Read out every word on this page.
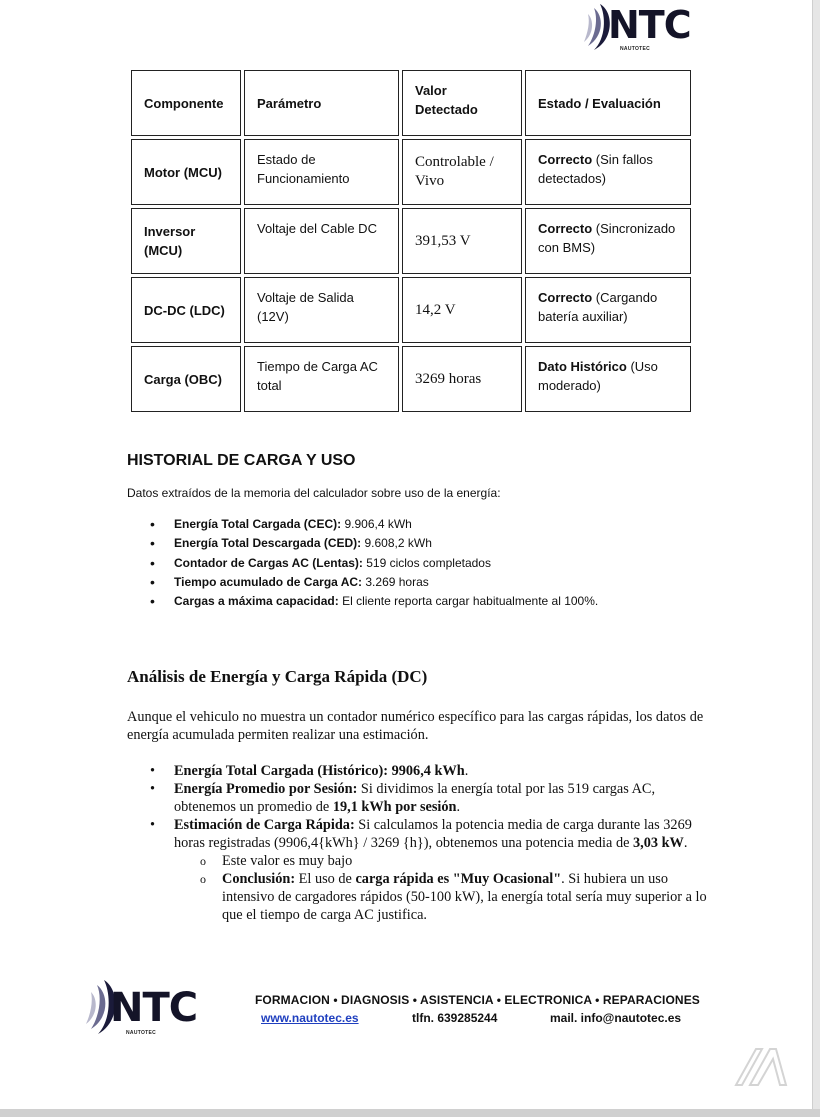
NTC
NAUTOTEC
Componente	Parámetro	Valor Detectado	Estado / Evaluación
Motor (MCU)	Estado de Funcionamiento	Controlable / Vivo	Correcto (Sin fallos detectados)
Inversor (MCU)	Voltaje del Cable DC	391,53 V	Correcto (Sincronizado con BMS)
DC-DC (LDC)	Voltaje de Salida (12V)	14,2 V	Correcto (Cargando batería auxiliar)
Carga (OBC)	Tiempo de Carga AC total	3269 horas	Dato Histórico (Uso moderado)
HISTORIAL DE CARGA Y USO
Datos extraídos de la memoria del calculador sobre uso de la energía:
• Energía Total Cargada (CEC): 9.906,4 kWh
• Energía Total Descargada (CED): 9.608,2 kWh
• Contador de Cargas AC (Lentas): 519 ciclos completados
• Tiempo acumulado de Carga AC: 3.269 horas
• Cargas a máxima capacidad: El cliente reporta cargar habitualmente al 100%.
Análisis de Energía y Carga Rápida (DC)
Aunque el vehiculo no muestra un contador numérico específico para las cargas rápidas, los datos de energía acumulada permiten realizar una estimación.
• Energía Total Cargada (Histórico): 9906,4 kWh.
• Energía Promedio por Sesión: Si dividimos la energía total por las 519 cargas AC, obtenemos un promedio de 19,1 kWh por sesión.
• Estimación de Carga Rápida: Si calculamos la potencia media de carga durante las 3269 horas registradas (9906,4{kWh} / 3269 {h}), obtenemos una potencia media de 3,03 kW.
o Este valor es muy bajo
o Conclusión: El uso de carga rápida es "Muy Ocasional". Si hubiera un uso intensivo de cargadores rápidos (50-100 kW), la energía total sería muy superior a lo que el tiempo de carga AC justifica.
NTC
NAUTOTEC
FORMACION • DIAGNOSIS • ASISTENCIA • ELECTRONICA • REPARACIONES
www.nautotec.es	tlfn. 639285244	mail. info@nautotec.es
